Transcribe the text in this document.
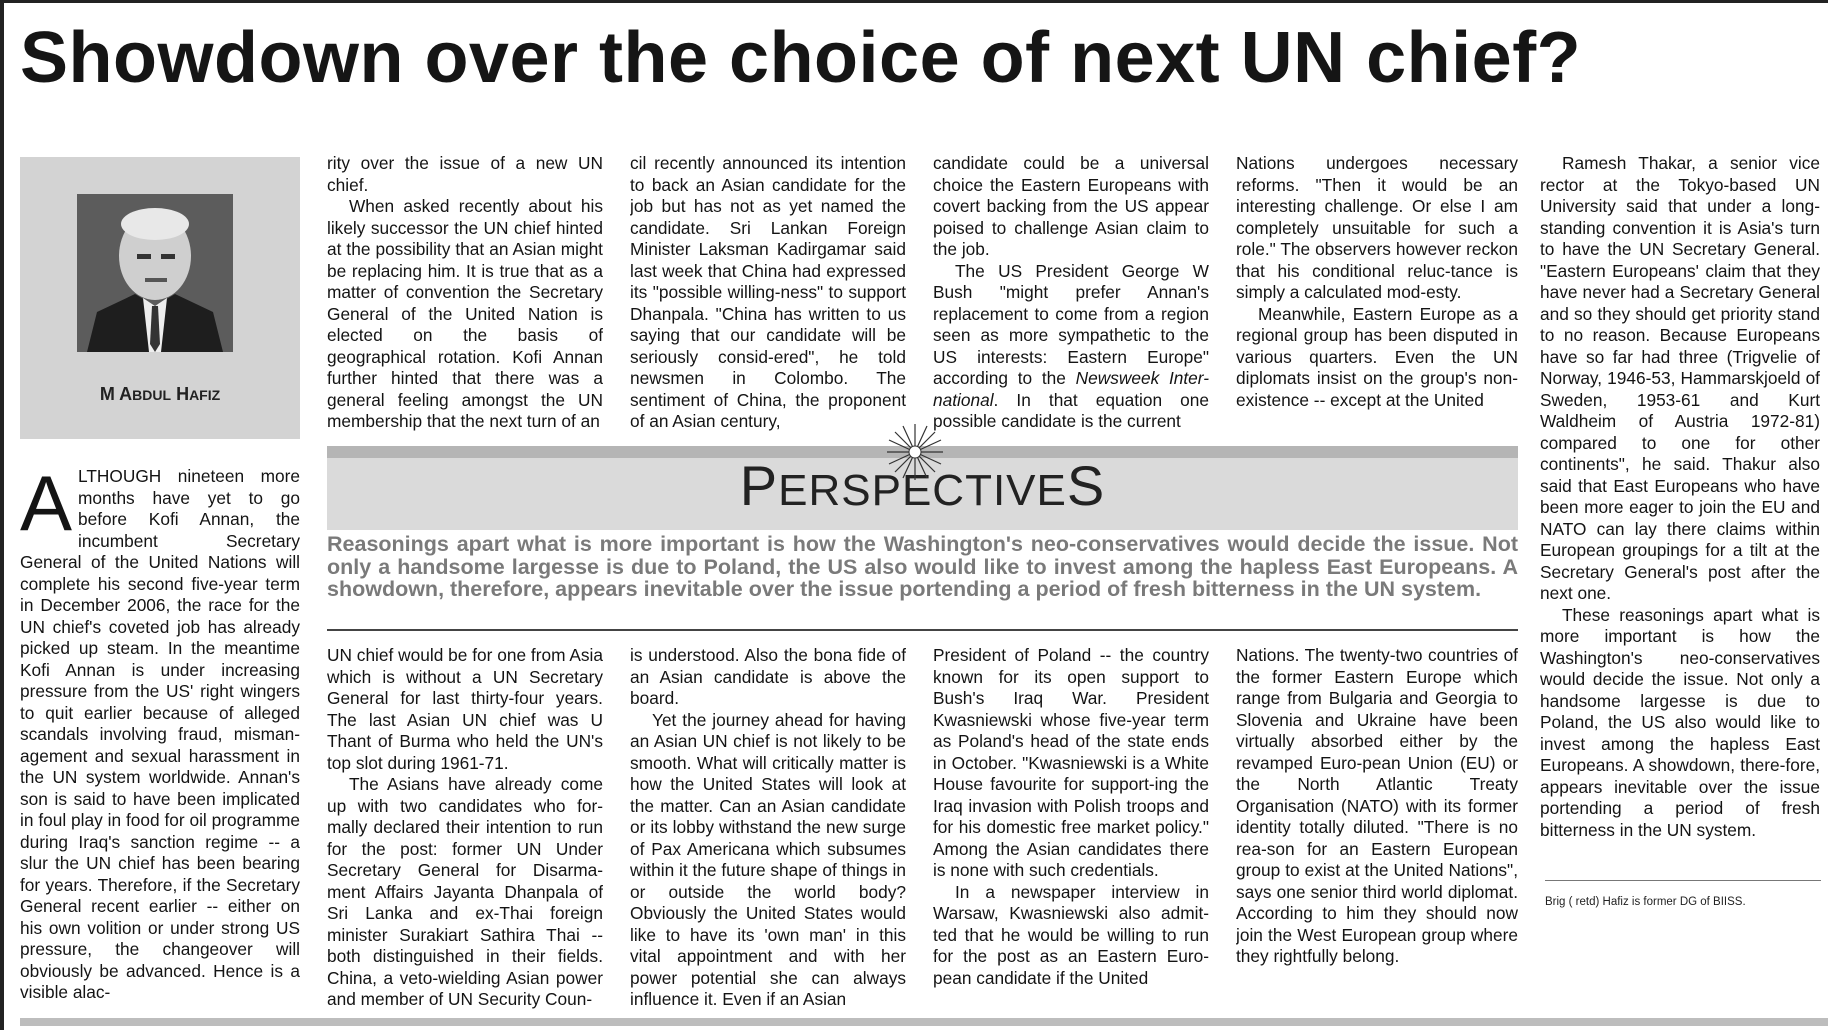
Showdown over the choice of next UN chief?
M ABDUL HAFIZ

ALTHOUGH nineteen more months have yet to go before Kofi Annan, the incumbent Secretary General of the United Nations will complete his second five-year term in December 2006, the race for the UN chief's coveted job has already picked up steam. In the meantime Kofi Annan is under increasing pressure from the US' right wingers to quit earlier because of alleged scandals involving fraud, misman-agement and sexual harassment in the UN system worldwide. Annan's son is said to have been implicated in foul play in food for oil programme during Iraq's sanction regime -- a slur the UN chief has been bearing for years. Therefore, if the Secretary General recent earlier -- either on his own volition or under strong US pressure, the changeover will obviously be advanced. Hence is a visible alac-

rity over the issue of a new UN chief.

When asked recently about his likely successor the UN chief hinted at the possibility that an Asian might be replacing him. It is true that as a matter of convention the Secretary General of the United Nation is elected on the basis of geographical rotation. Kofi Annan further hinted that there was a general feeling amongst the UN membership that the next turn of an

cil recently announced its intention to back an Asian candidate for the job but has not as yet named the candidate. Sri Lankan Foreign Minister Laksman Kadirgamar said last week that China had expressed its "possible willing-ness" to support Dhanpala. "China has written to us saying that our candidate will be seriously consid-ered", he told newsmen in Colombo. The sentiment of China, the proponent of an Asian century,

candidate could be a universal choice the Eastern Europeans with covert backing from the US appear poised to challenge Asian claim to the job.

The US President George W Bush "might prefer Annan's replacement to come from a region seen as more sympathetic to the US interests: Eastern Europe" according to the Newsweek Inter-national. In that equation one possible candidate is the current

Nations undergoes necessary reforms. "Then it would be an interesting challenge. Or else I am completely unsuitable for such a role." The observers however reckon that his conditional reluc-tance is simply a calculated mod-esty.

Meanwhile, Eastern Europe as a regional group has been disputed in various quarters. Even the UN diplomats insist on the group's non-existence -- except at the United

Ramesh Thakar, a senior vice rector at the Tokyo-based UN University said that under a long-standing convention it is Asia's turn to have the UN Secretary General. "Eastern Europeans' claim that they have never had a Secretary General and so they should get priority stand to no reason. Because Europeans have so far had three (Trigvelie of Norway, 1946-53, Hammarskjoeld of Sweden, 1953-61 and Kurt Waldheim of Austria 1972-81) compared to one for other continents", he said. Thakur also said that East Europeans who have been more eager to join the EU and NATO can lay there claims within European groupings for a tilt at the Secretary General's post after the next one.

These reasonings apart what is more important is how the Washington's neo-conservatives would decide the issue. Not only a handsome largesse is due to Poland, the US also would like to invest among the hapless East Europeans. A showdown, there-fore, appears inevitable over the issue portending a period of fresh bitterness in the UN system.

PERSPECTIVES

Reasonings apart what is more important is how the Washington's neo-conservatives would decide the issue. Not only a handsome largesse is due to Poland, the US also would like to invest among the hapless East Europeans. A showdown, therefore, appears inevitable over the issue portending a period of fresh bitterness in the UN system.

UN chief would be for one from Asia which is without a UN Secretary General for last thirty-four years. The last Asian UN chief was U Thant of Burma who held the UN's top slot during 1961-71.

The Asians have already come up with two candidates who for-mally declared their intention to run for the post: former UN Under Secretary General for Disarma-ment Affairs Jayanta Dhanpala of Sri Lanka and ex-Thai foreign minister Surakiart Sathira Thai -- both distinguished in their fields. China, a veto-wielding Asian power and member of UN Security Coun-

is understood. Also the bona fide of an Asian candidate is above the board.

Yet the journey ahead for having an Asian UN chief is not likely to be smooth. What will critically matter is how the United States will look at the matter. Can an Asian candidate or its lobby withstand the new surge of Pax Americana which subsumes within it the future shape of things in or outside the world body? Obviously the United States would like to have its 'own man' in this vital appointment and with her power potential she can always influence it. Even if an Asian

President of Poland -- the country known for its open support to Bush's Iraq War. President Kwasniewski whose five-year term as Poland's head of the state ends in October. "Kwasniewski is a White House favourite for support-ing the Iraq invasion with Polish troops and for his domestic free market policy." Among the Asian candidates there is none with such credentials.

In a newspaper interview in Warsaw, Kwasniewski also admit-ted that he would be willing to run for the post as an Eastern Euro-pean candidate if the United

Nations. The twenty-two countries of the former Eastern Europe which range from Bulgaria and Georgia to Slovenia and Ukraine have been virtually absorbed either by the revamped Euro-pean Union (EU) or the North Atlantic Treaty Organisation (NATO) with its former identity totally diluted. "There is no rea-son for an Eastern European group to exist at the United Nations", says one senior third world diplomat. According to him they should now join the West European group where they rightfully belong.

Brig ( retd) Hafiz is former DG of BIISS.
